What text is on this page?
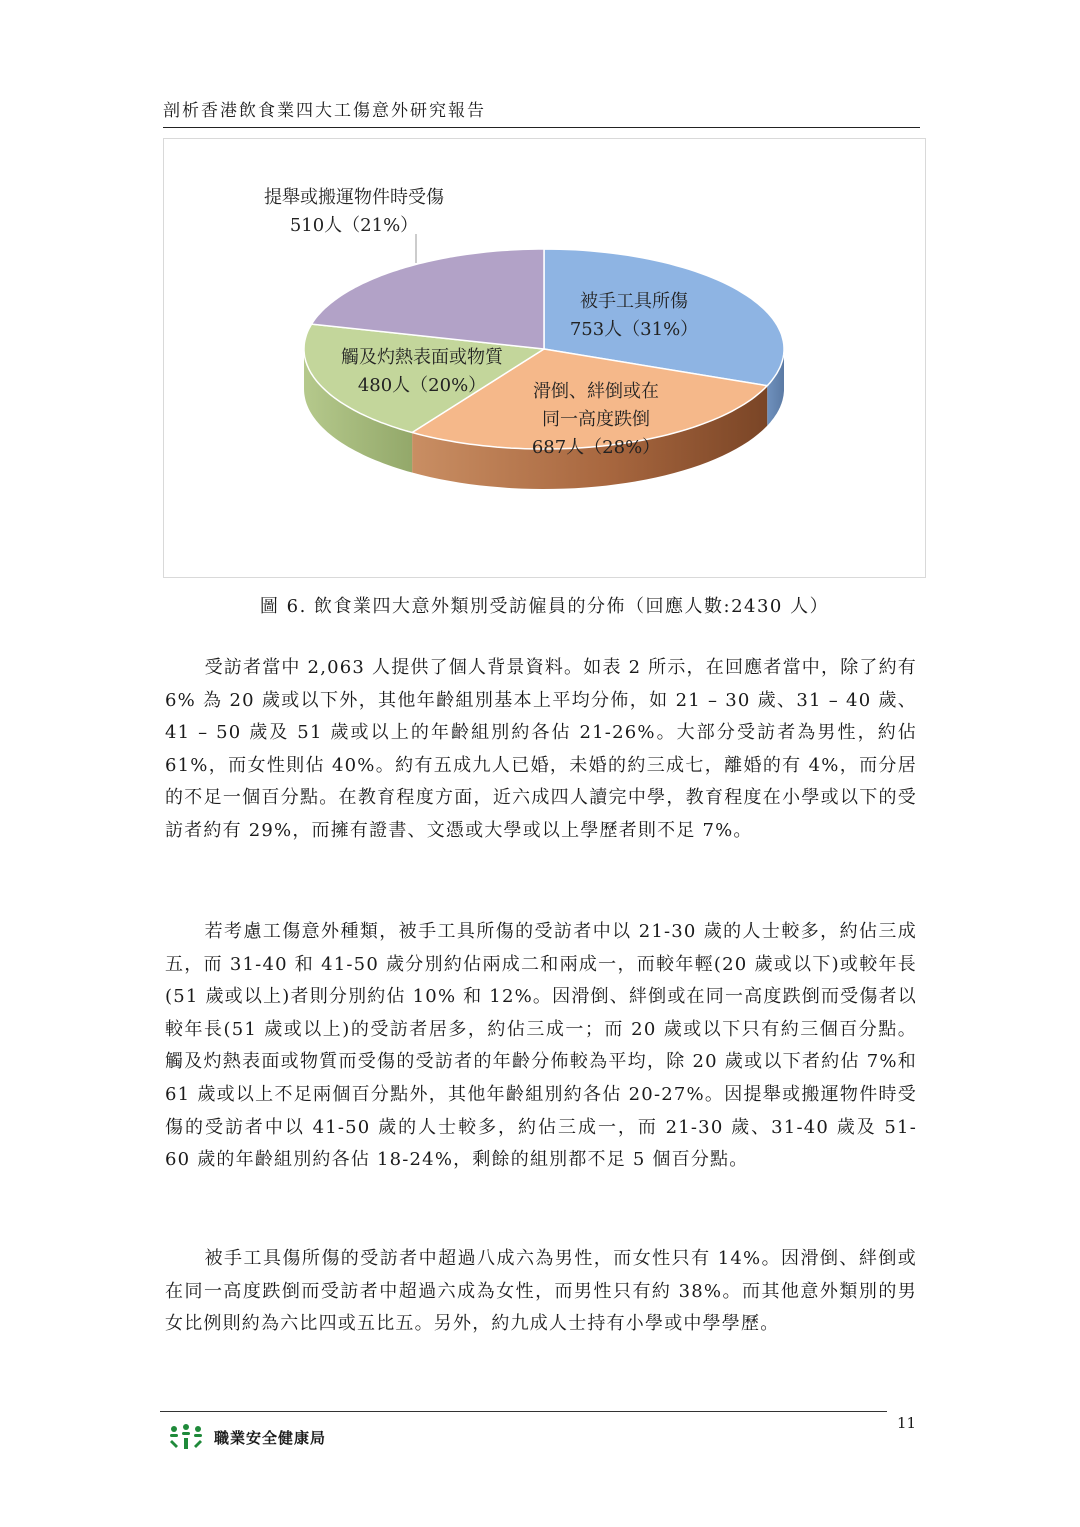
剖析香港飲食業四大工傷意外研究報告
被手工具所傷 753人（31%）
滑倒、絆倒或在同一高度跌倒 687人（28%）
觸及灼熱表面或物質 480人（20%）
提舉或搬運物件時受傷 510人（21%）
圖 6. 飲食業四大意外類別受訪僱員的分佈（回應人數:2430 人）

受訪者當中 2,063 人提供了個人背景資料。如表 2 所示，在回應者當中，除了約有 6% 為 20 歲或以下外，其他年齡組別基本上平均分佈，如 21 – 30 歲、31 – 40 歲、41 – 50 歲及 51 歲或以上的年齡組別約各佔 21-26%。大部分受訪者為男性，約佔 61%，而女性則佔 40%。約有五成九人已婚，未婚的約三成七，離婚的有 4%，而分居的不足一個百分點。在教育程度方面，近六成四人讀完中學，教育程度在小學或以下的受訪者約有 29%，而擁有證書、文憑或大學或以上學歷者則不足 7%。

若考慮工傷意外種類，被手工具所傷的受訪者中以 21-30 歲的人士較多，約佔三成五，而 31-40 和 41-50 歲分別約佔兩成二和兩成一，而較年輕(20 歲或以下)或較年長(51 歲或以上)者則分別約佔 10% 和 12%。因滑倒、絆倒或在同一高度跌倒而受傷者以較年長(51 歲或以上)的受訪者居多，約佔三成一；而 20 歲或以下只有約三個百分點。觸及灼熱表面或物質而受傷的受訪者的年齡分佈較為平均，除 20 歲或以下者約佔 7%和 61 歲或以上不足兩個百分點外，其他年齡組別約各佔 20-27%。因提舉或搬運物件時受傷的受訪者中以 41-50 歲的人士較多，約佔三成一，而 21-30 歲、31-40 歲及 51-60 歲的年齡組別約各佔 18-24%，剩餘的組別都不足 5 個百分點。

被手工具傷所傷的受訪者中超過八成六為男性，而女性只有 14%。因滑倒、絆倒或在同一高度跌倒而受訪者中超過六成為女性，而男性只有約 38%。而其他意外類別的男女比例則約為六比四或五比五。另外，約九成人士持有小學或中學學歷。

11
職業安全健康局
